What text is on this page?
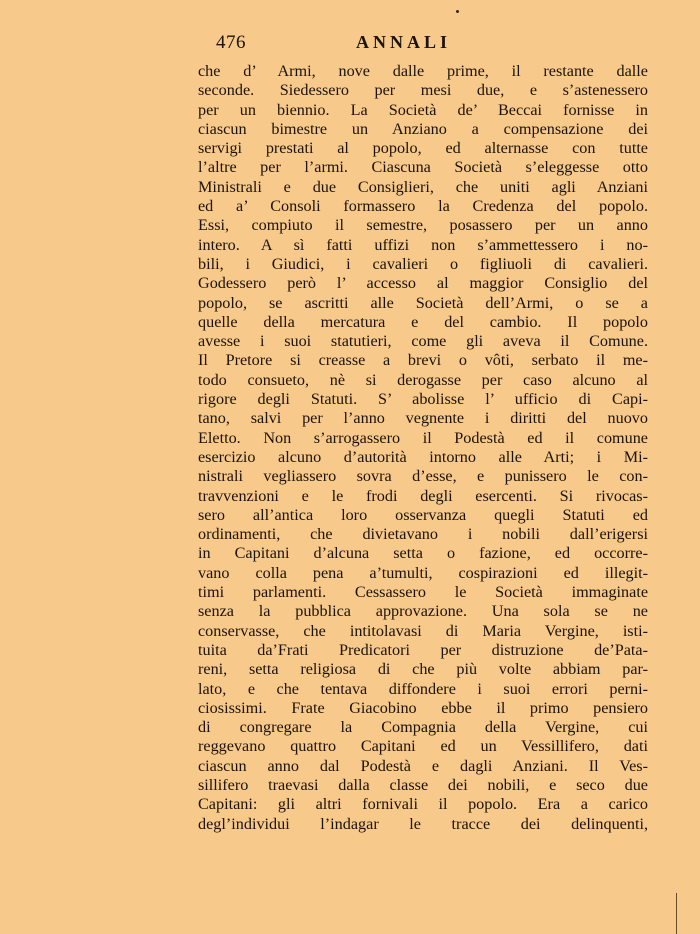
476	ANNALI
che d’ Armi, nove dalle prime, il restante dalle
seconde. Siedessero per mesi due, e s’astenessero
per un biennio. La Società de’ Beccai fornisse in
ciascun bimestre un Anziano a compensazione dei
servigi prestati al popolo, ed alternasse con tutte
l’altre per l’armi. Ciascuna Società s’eleggesse otto
Ministrali e due Consiglieri, che uniti agli Anziani
ed a’ Consoli formassero la Credenza del popolo.
Essi, compiuto il semestre, posassero per un anno
intero. A sì fatti uffizi non s’ammettessero i no-
bili, i Giudici, i cavalieri o figliuoli di cavalieri.
Godessero però l’ accesso al maggior Consiglio del
popolo, se ascritti alle Società dell’Armi, o se a
quelle della mercatura e del cambio. Il popolo
avesse i suoi statutieri, come gli aveva il Comune.
Il Pretore si creasse a brevi o vôti, serbato il me-
todo consueto, nè si derogasse per caso alcuno al
rigore degli Statuti. S’ abolisse l’ ufficio di Capi-
tano, salvi per l’anno vegnente i diritti del nuovo
Eletto. Non s’arrogassero il Podestà ed il comune
esercizio alcuno d’autorità intorno alle Arti; i Mi-
nistrali vegliassero sovra d’esse, e punissero le con-
travvenzioni e le frodi degli esercenti. Si rivocas-
sero all’antica loro osservanza quegli Statuti ed
ordinamenti, che divietavano i nobili dall’erigersi
in Capitani d’alcuna setta o fazione, ed occorre-
vano colla pena a’tumulti, cospirazioni ed illegit-
timi parlamenti. Cessassero le Società immaginate
senza la pubblica approvazione. Una sola se ne
conservasse, che intitolavasi di Maria Vergine, isti-
tuita da’Frati Predicatori per distruzione de’Pata-
reni, setta religiosa di che più volte abbiam par-
lato, e che tentava diffondere i suoi errori perni-
ciosissimi. Frate Giacobino ebbe il primo pensiero
di congregare la Compagnia della Vergine, cui
reggevano quattro Capitani ed un Vessillifero, dati
ciascun anno dal Podestà e dagli Anziani. Il Ves-
sillifero traevasi dalla classe dei nobili, e seco due
Capitani: gli altri fornivali il popolo. Era a carico
degl’individui l’indagar le tracce dei delinquenti,
